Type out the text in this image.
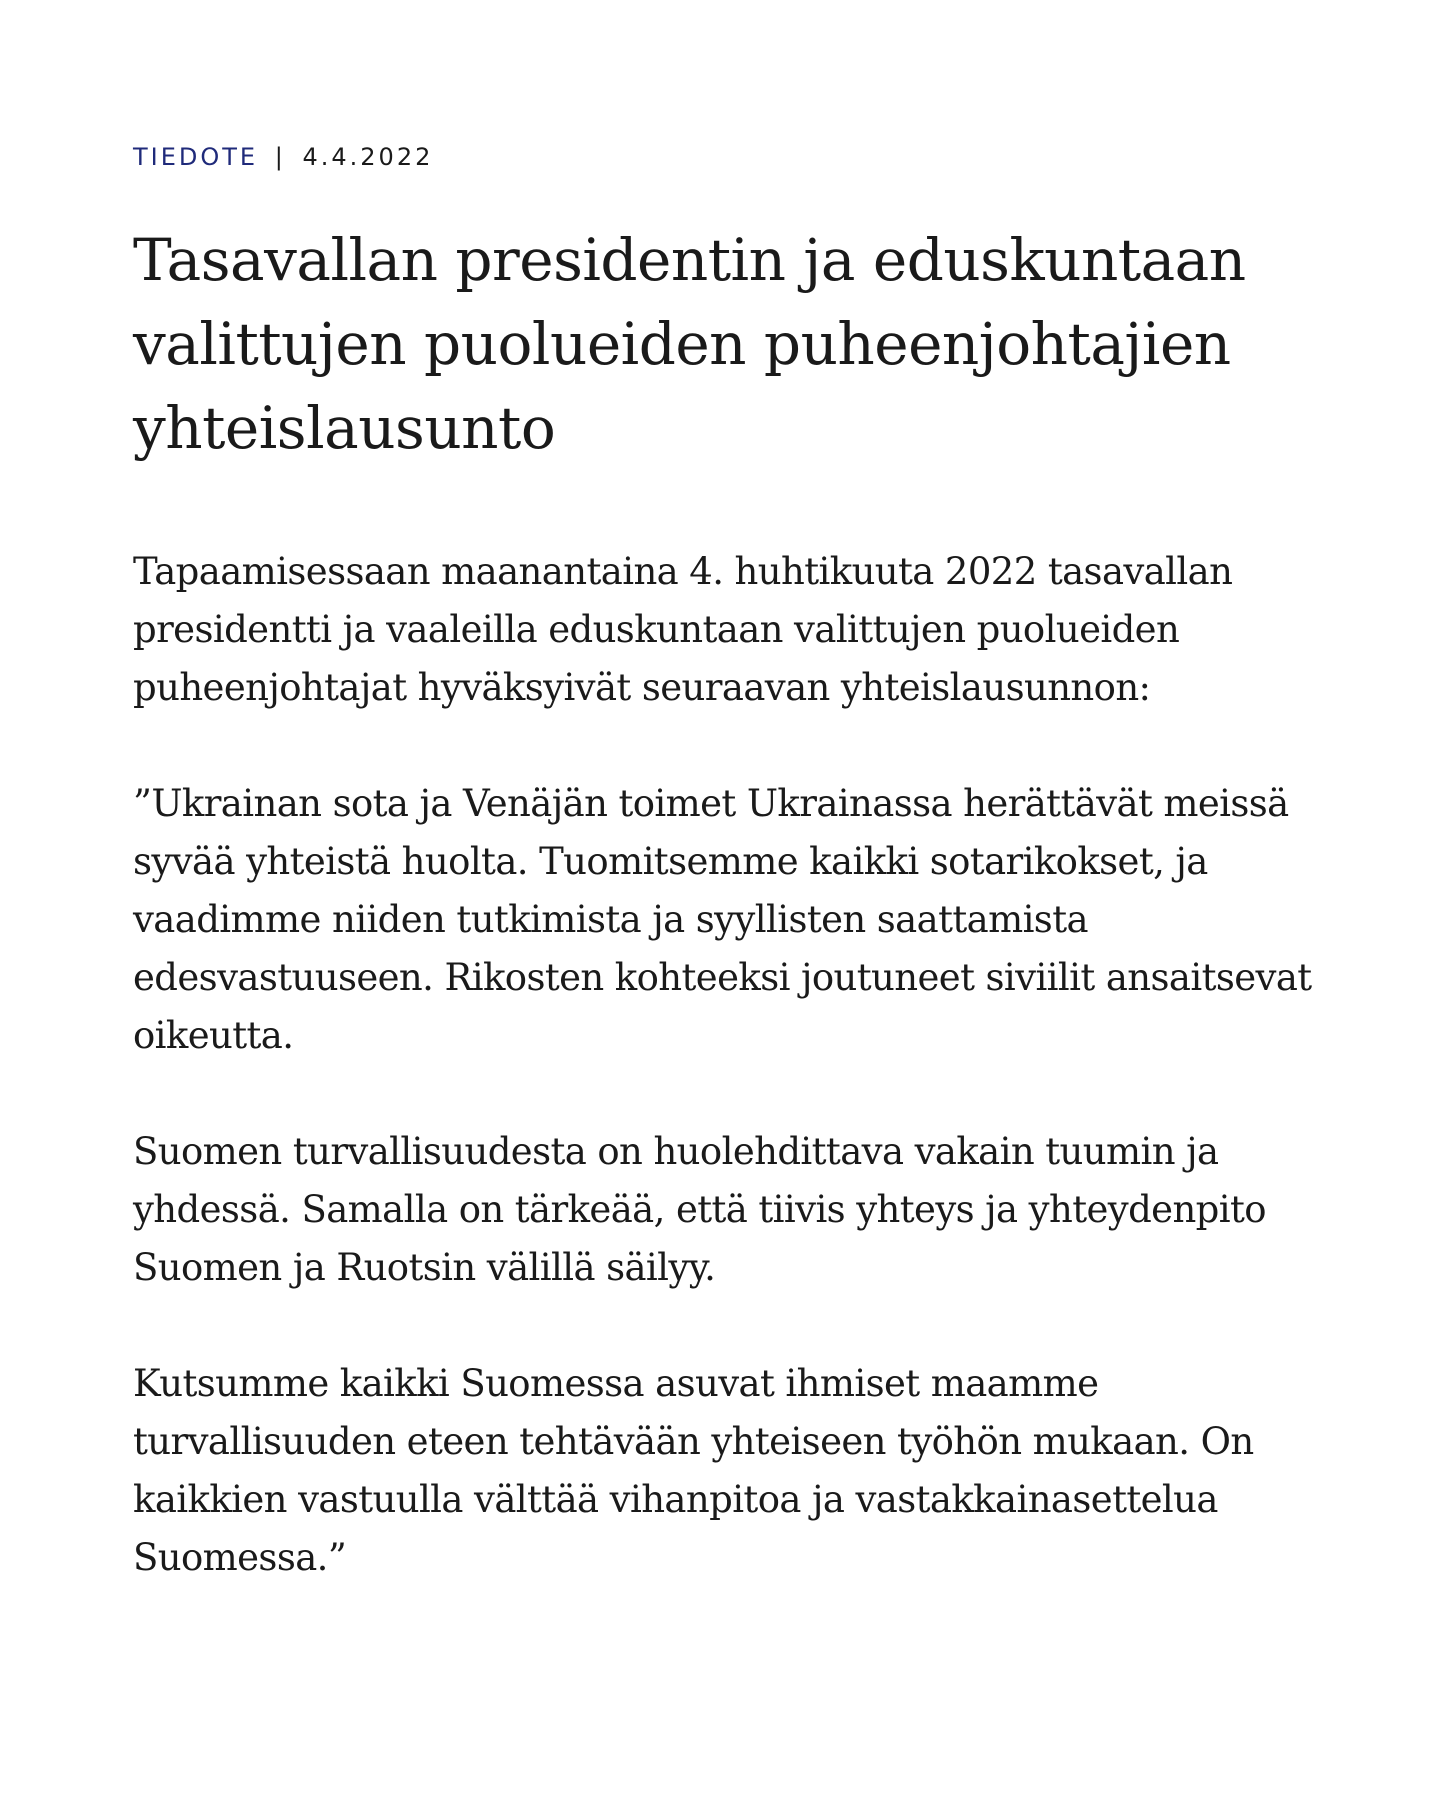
TIEDOTE | 4.4.2022
Tasavallan presidentin ja eduskuntaan valittujen puolueiden puheenjohtajien yhteislausunto

Tapaamisessaan maanantaina 4. huhtikuuta 2022 tasavallan presidentti ja vaaleilla eduskuntaan valittujen puolueiden puheenjohtajat hyväksyivät seuraavan yhteislausunnon:

”Ukrainan sota ja Venäjän toimet Ukrainassa herättävät meissä syvää yhteistä huolta. Tuomitsemme kaikki sotarikokset, ja vaadimme niiden tutkimista ja syyllisten saattamista edesvastuuseen. Rikosten kohteeksi joutuneet siviilit ansaitsevat oikeutta.

Suomen turvallisuudesta on huolehdittava vakain tuumin ja yhdessä. Samalla on tärkeää, että tiivis yhteys ja yhteydenpito Suomen ja Ruotsin välillä säilyy.

Kutsumme kaikki Suomessa asuvat ihmiset maamme turvallisuuden eteen tehtävään yhteiseen työhön mukaan. On kaikkien vastuulla välttää vihanpitoa ja vastakkainasettelua Suomessa.”
